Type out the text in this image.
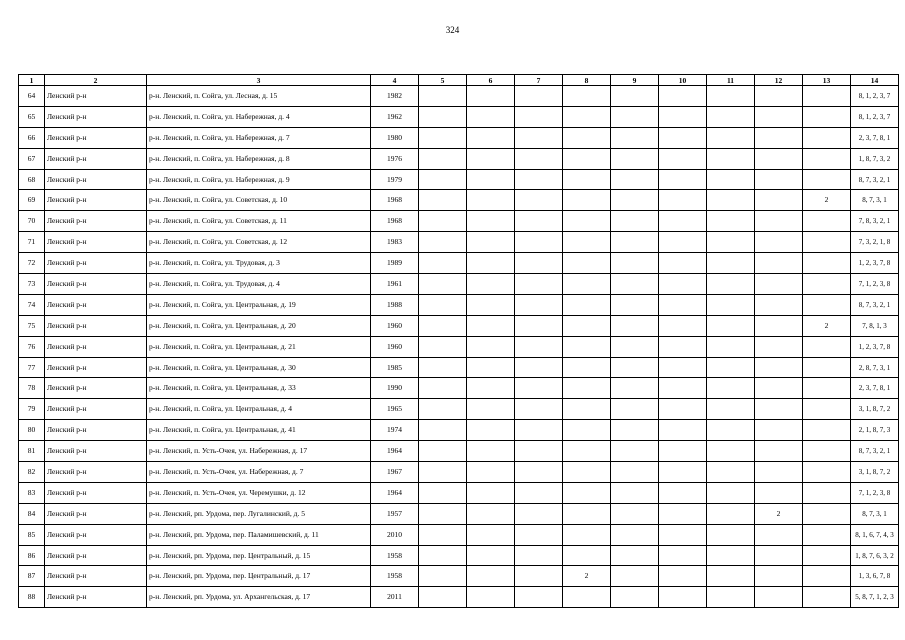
324
1	2	3	4	5	6	7	8	9	10	11	12	13	14
64	Ленский р-н	р-н. Ленский, п. Сойга, ул. Лесная, д. 15	1982										8, 1, 2, 3, 7
65	Ленский р-н	р-н. Ленский, п. Сойга, ул. Набережная, д. 4	1962										8, 1, 2, 3, 7
66	Ленский р-н	р-н. Ленский, п. Сойга, ул. Набережная, д. 7	1980										2, 3, 7, 8, 1
67	Ленский р-н	р-н. Ленский, п. Сойга, ул. Набережная, д. 8	1976										1, 8, 7, 3, 2
68	Ленский р-н	р-н. Ленский, п. Сойга, ул. Набережная, д. 9	1979										8, 7, 3, 2, 1
69	Ленский р-н	р-н. Ленский, п. Сойга, ул. Советская, д. 10	1968									2	8, 7, 3, 1
70	Ленский р-н	р-н. Ленский, п. Сойга, ул. Советская, д. 11	1968										7, 8, 3, 2, 1
71	Ленский р-н	р-н. Ленский, п. Сойга, ул. Советская, д. 12	1983										7, 3, 2, 1, 8
72	Ленский р-н	р-н. Ленский, п. Сойга, ул. Трудовая, д. 3	1989										1, 2, 3, 7, 8
73	Ленский р-н	р-н. Ленский, п. Сойга, ул. Трудовая, д. 4	1961										7, 1, 2, 3, 8
74	Ленский р-н	р-н. Ленский, п. Сойга, ул. Центральная, д. 19	1988										8, 7, 3, 2, 1
75	Ленский р-н	р-н. Ленский, п. Сойга, ул. Центральная, д. 20	1960									2	7, 8, 1, 3
76	Ленский р-н	р-н. Ленский, п. Сойга, ул. Центральная, д. 21	1960										1, 2, 3, 7, 8
77	Ленский р-н	р-н. Ленский, п. Сойга, ул. Центральная, д. 30	1985										2, 8, 7, 3, 1
78	Ленский р-н	р-н. Ленский, п. Сойга, ул. Центральная, д. 33	1990										2, 3, 7, 8, 1
79	Ленский р-н	р-н. Ленский, п. Сойга, ул. Центральная, д. 4	1965										3, 1, 8, 7, 2
80	Ленский р-н	р-н. Ленский, п. Сойга, ул. Центральная, д. 41	1974										2, 1, 8, 7, 3
81	Ленский р-н	р-н. Ленский, п. Усть-Очея, ул. Набережная, д. 17	1964										8, 7, 3, 2, 1
82	Ленский р-н	р-н. Ленский, п. Усть-Очея, ул. Набережная, д. 7	1967										3, 1, 8, 7, 2
83	Ленский р-н	р-н. Ленский, п. Усть-Очея, ул. Черемушки, д. 12	1964										7, 1, 2, 3, 8
84	Ленский р-н	р-н. Ленский, рп. Урдома, пер. Лугалинский, д. 5	1957								2		8, 7, 3, 1
85	Ленский р-н	р-н. Ленский, рп. Урдома, пер. Паламишевский, д. 11	2010										8, 1, 6, 7, 4, 3
86	Ленский р-н	р-н. Ленский, рп. Урдома, пер. Центральный, д. 15	1958										1, 8, 7, 6, 3, 2
87	Ленский р-н	р-н. Ленский, рп. Урдома, пер. Центральный, д. 17	1958				2						1, 3, 6, 7, 8
88	Ленский р-н	р-н. Ленский, рп. Урдома, ул. Архангельская, д. 17	2011										5, 8, 7, 1, 2, 3
